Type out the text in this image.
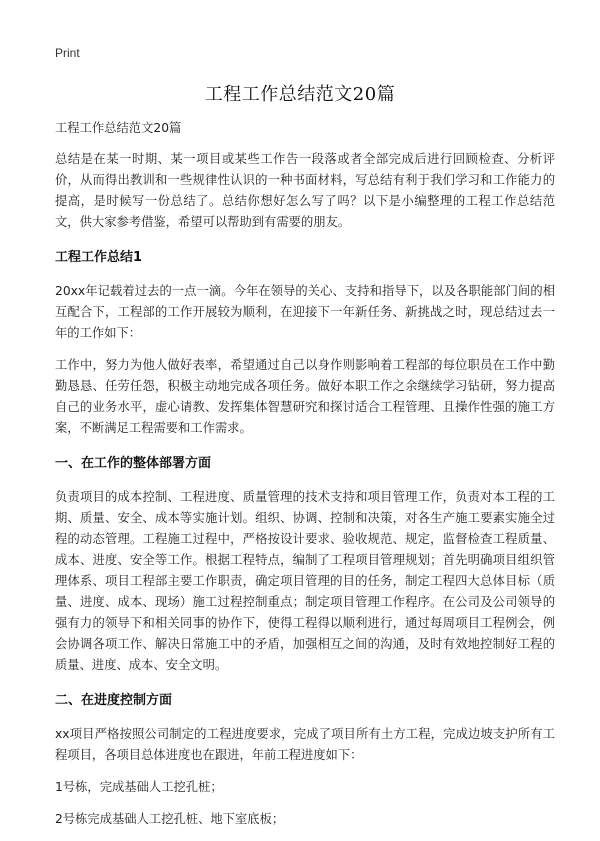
Print
工程工作总结范文20篇

工程工作总结范文20篇

总结是在某一时期、某一项目或某些工作告一段落或者全部完成后进行回顾检查、分析评价，从而得出教训和一些规律性认识的一种书面材料，写总结有利于我们学习和工作能力的提高，是时候写一份总结了。总结你想好怎么写了吗？以下是小编整理的工程工作总结范文，供大家参考借鉴，希望可以帮助到有需要的朋友。

工程工作总结1

20xx年记载着过去的一点一滴。今年在领导的关心、支持和指导下，以及各职能部门间的相互配合下，工程部的工作开展较为顺利，在迎接下一年新任务、新挑战之时，现总结过去一年的工作如下：

工作中，努力为他人做好表率，希望通过自己以身作则影响着工程部的每位职员在工作中勤勤恳恳、任劳任怨，积极主动地完成各项任务。做好本职工作之余继续学习钻研，努力提高自己的业务水平，虚心请教、发挥集体智慧研究和探讨适合工程管理、且操作性强的施工方案，不断满足工程需要和工作需求。

一、在工作的整体部署方面

负责项目的成本控制、工程进度、质量管理的技术支持和项目管理工作，负责对本工程的工期、质量、安全、成本等实施计划。组织、协调、控制和决策，对各生产施工要素实施全过程的动态管理。工程施工过程中，严格按设计要求、验收规范、规定，监督检查工程质量、成本、进度、安全等工作。根据工程特点，编制了工程项目管理规划；首先明确项目组织管理体系、项目工程部主要工作职责，确定项目管理的目的任务，制定工程四大总体目标（质量、进度、成本、现场）施工过程控制重点；制定项目管理工作程序。在公司及公司领导的强有力的领导下和相关同事的协作下，使得工程得以顺利进行，通过每周项目工程例会，例会协调各项工作、解决日常施工中的矛盾，加强相互之间的沟通，及时有效地控制好工程的质量、进度、成本、安全文明。

二、在进度控制方面

xx项目严格按照公司制定的工程进度要求，完成了项目所有土方工程，完成边坡支护所有工程项目，各项目总体进度也在跟进，年前工程进度如下：

1号栋，完成基础人工挖孔桩；

2号栋完成基础人工挖孔桩、地下室底板；
